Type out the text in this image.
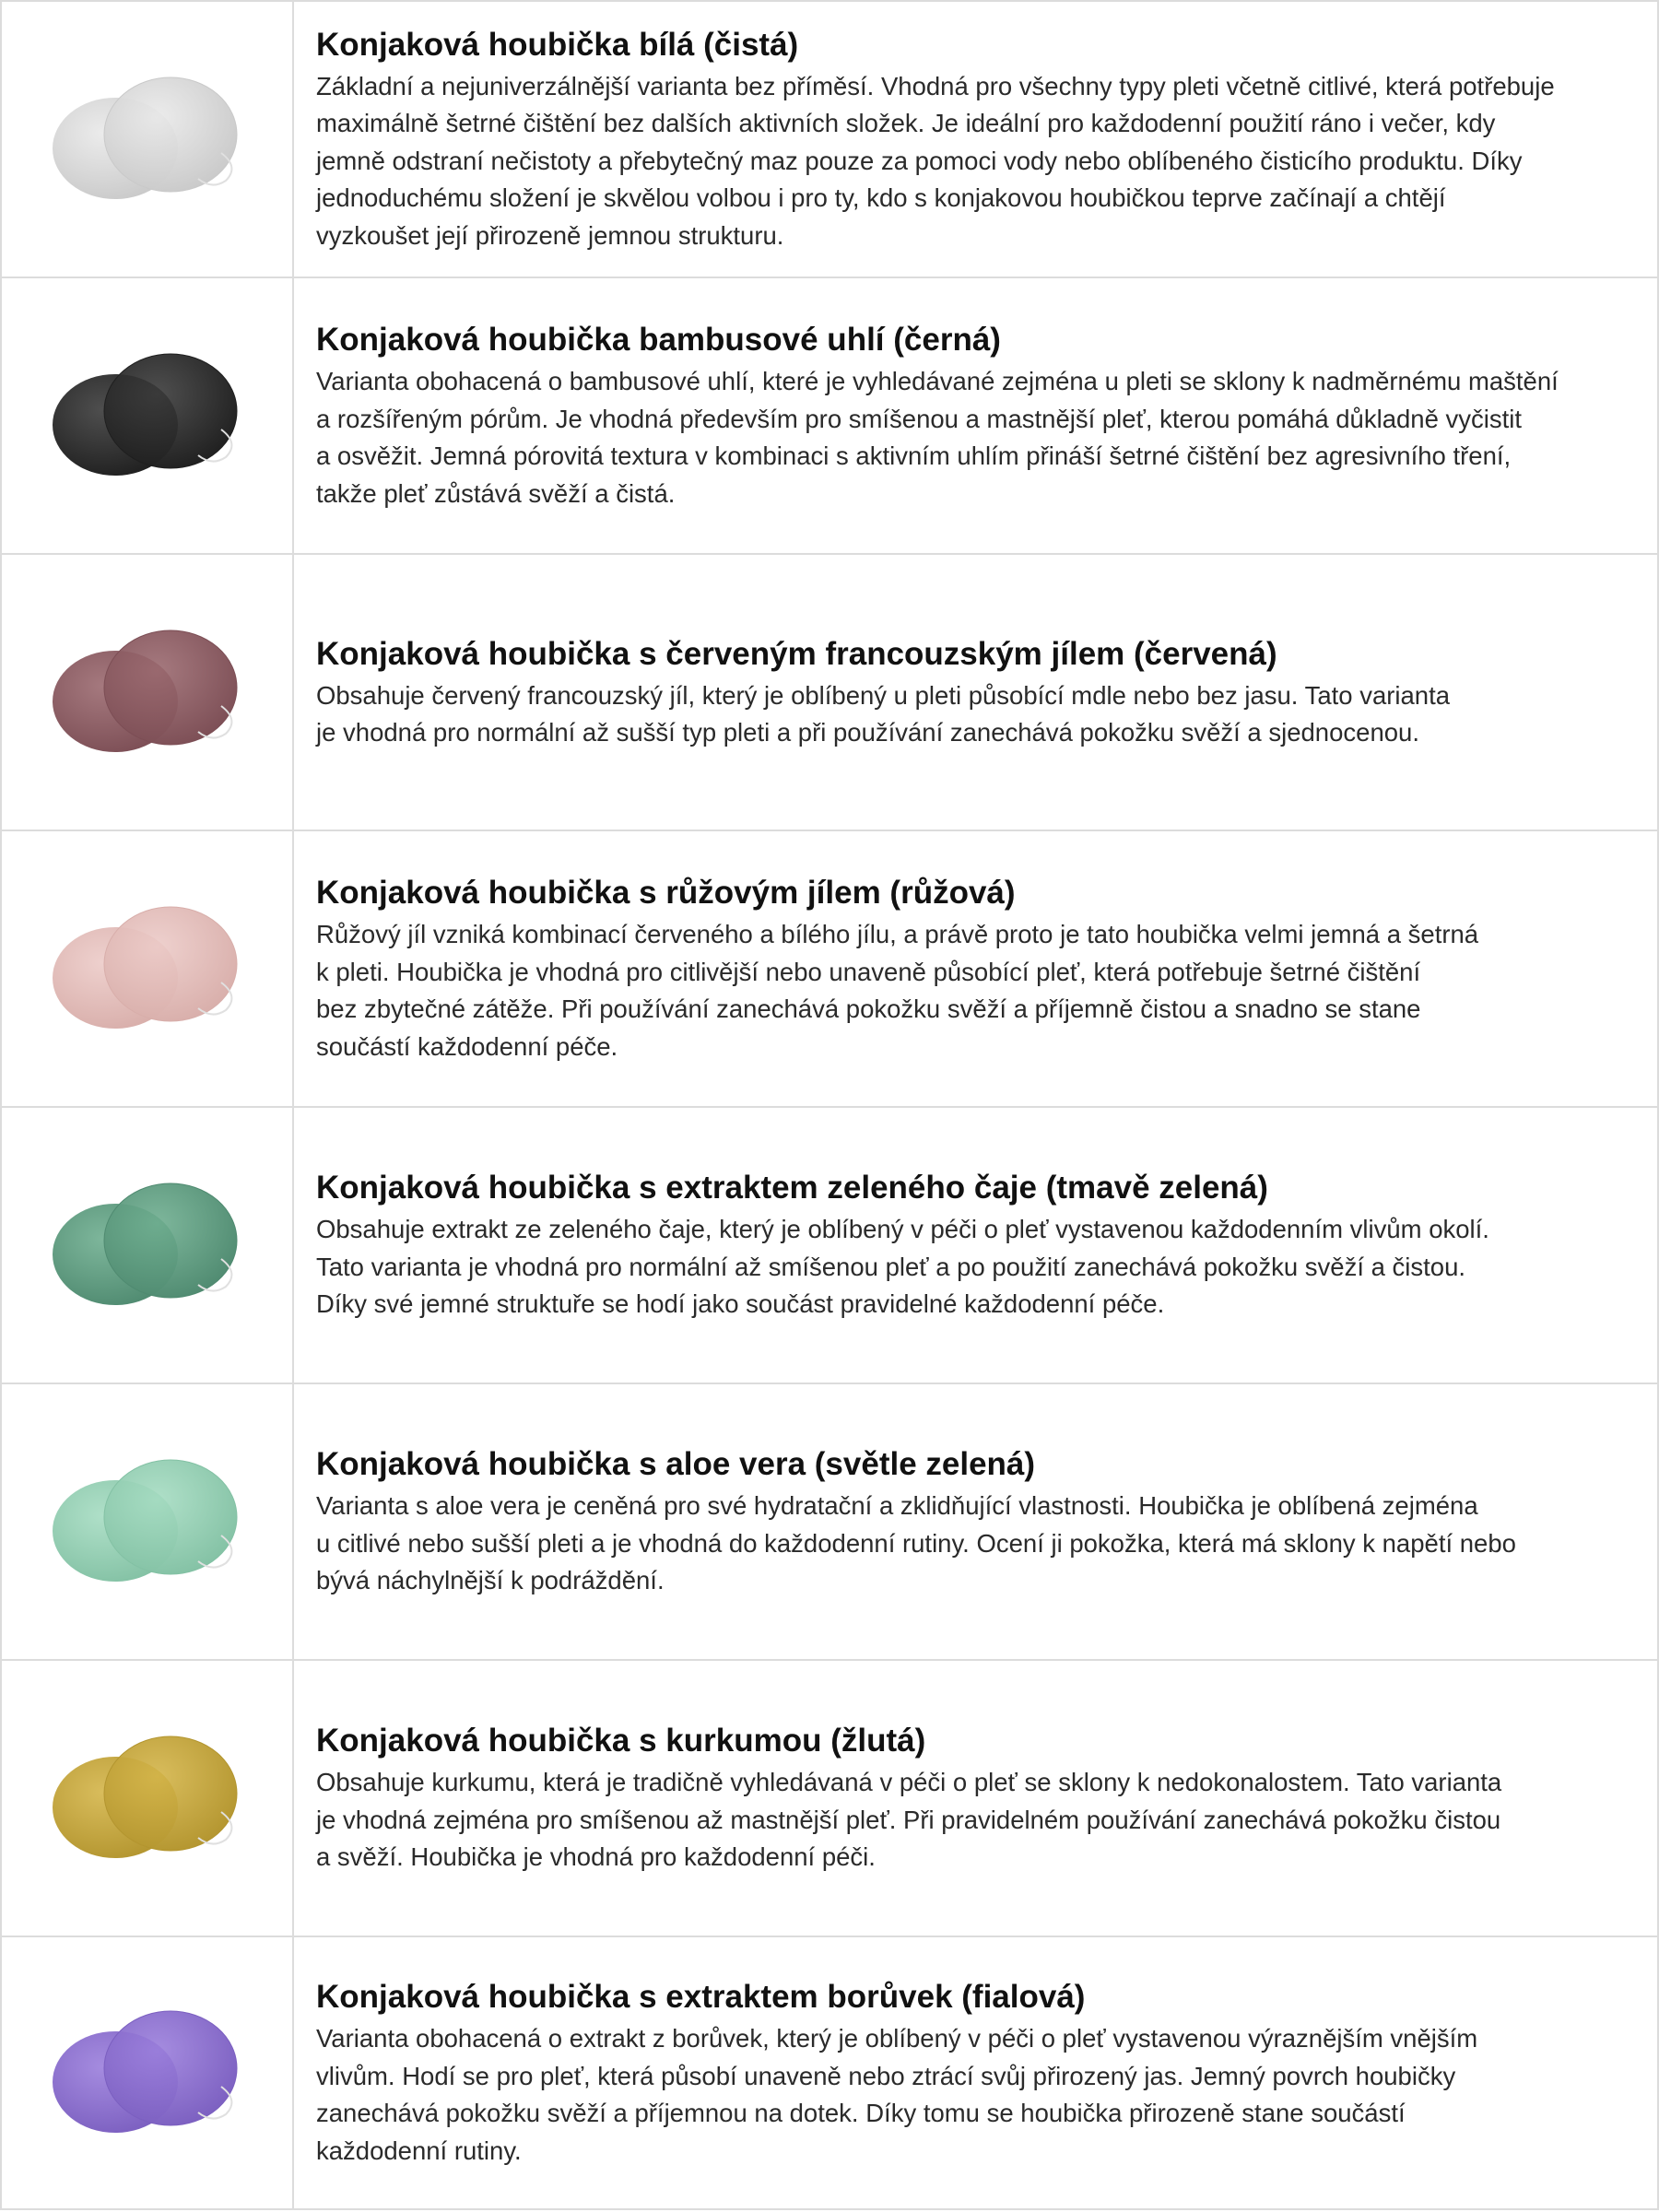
Konjaková houbička bílá (čistá)
Základní a nejuniverzálnější varianta bez příměsí. Vhodná pro všechny typy pleti včetně citlivé, která potřebuje
maximálně šetrné čištění bez dalších aktivních složek. Je ideální pro každodenní použití ráno i večer, kdy
jemně odstraní nečistoty a přebytečný maz pouze za pomoci vody nebo oblíbeného čisticího produktu. Díky
jednoduchému složení je skvělou volbou i pro ty, kdo s konjakovou houbičkou teprve začínají a chtějí
vyzkoušet její přirozeně jemnou strukturu.
Konjaková houbička bambusové uhlí (černá)
Varianta obohacená o bambusové uhlí, které je vyhledávané zejména u pleti se sklony k nadměrnému maštění
a rozšířeným pórům. Je vhodná především pro smíšenou a mastnější pleť, kterou pomáhá důkladně vyčistit
a osvěžit. Jemná pórovitá textura v kombinaci s aktivním uhlím přináší šetrné čištění bez agresivního tření,
takže pleť zůstává svěží a čistá.
Konjaková houbička s červeným francouzským jílem (červená)
Obsahuje červený francouzský jíl, který je oblíbený u pleti působící mdle nebo bez jasu. Tato varianta
je vhodná pro normální až sušší typ pleti a při používání zanechává pokožku svěží a sjednocenou.
Konjaková houbička s růžovým jílem (růžová)
Růžový jíl vzniká kombinací červeného a bílého jílu, a právě proto je tato houbička velmi jemná a šetrná
k pleti. Houbička je vhodná pro citlivější nebo unaveně působící pleť, která potřebuje šetrné čištění
bez zbytečné zátěže. Při používání zanechává pokožku svěží a příjemně čistou a snadno se stane
součástí každodenní péče.
Konjaková houbička s extraktem zeleného čaje (tmavě zelená)
Obsahuje extrakt ze zeleného čaje, který je oblíbený v péči o pleť vystavenou každodenním vlivům okolí.
Tato varianta je vhodná pro normální až smíšenou pleť a po použití zanechává pokožku svěží a čistou.
Díky své jemné struktuře se hodí jako součást pravidelné každodenní péče.
Konjaková houbička s aloe vera (světle zelená)
Varianta s aloe vera je ceněná pro své hydratační a zklidňující vlastnosti. Houbička je oblíbená zejména
u citlivé nebo sušší pleti a je vhodná do každodenní rutiny. Ocení ji pokožka, která má sklony k napětí nebo
bývá náchylnější k podráždění.
Konjaková houbička s kurkumou (žlutá)
Obsahuje kurkumu, která je tradičně vyhledávaná v péči o pleť se sklony k nedokonalostem. Tato varianta
je vhodná zejména pro smíšenou až mastnější pleť. Při pravidelném používání zanechává pokožku čistou
a svěží. Houbička je vhodná pro každodenní péči.
Konjaková houbička s extraktem borůvek (fialová)
Varianta obohacená o extrakt z borůvek, který je oblíbený v péči o pleť vystavenou výraznějším vnějším
vlivům. Hodí se pro pleť, která působí unaveně nebo ztrácí svůj přirozený jas. Jemný povrch houbičky
zanechává pokožku svěží a příjemnou na dotek. Díky tomu se houbička přirozeně stane součástí
každodenní rutiny.
